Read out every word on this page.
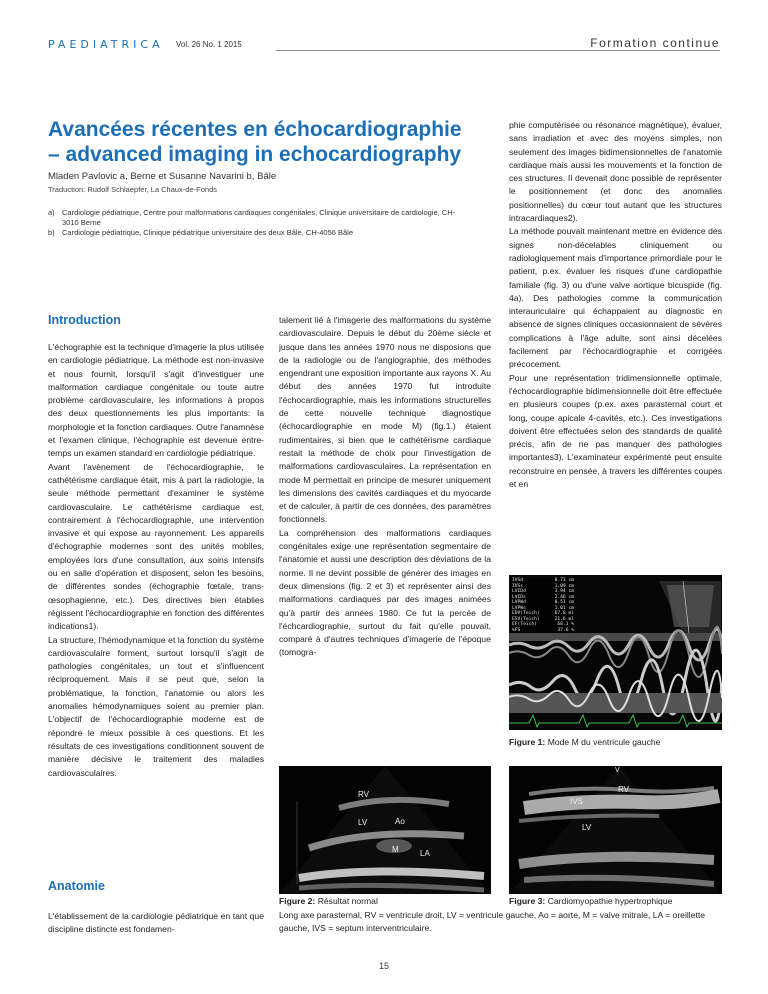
PAEDIATRICA Vol. 26 No. 1 2015	Formation continue
Avancées récentes en échocardiographie – advanced imaging in echocardiography
Mladen Pavlovic a, Berne et Susanne Navarini b, Bâle
Traduction: Rudolf Schlaepfer, La Chaux-de-Fonds
a) Cardiologie pédiatrique, Centre pour malformations cardiaques congénitales, Clinique universitaire de cardiologie, CH-3010 Berne
b) Cardiologie pédiatrique, Clinique pédiatrique universitaire des deux Bâle, CH-4056 Bâle
Introduction

L'échographie est la technique d'imagerie la plus utilisée en cardiologie pédiatrique. La méthode est non-invasive et nous fournit, lorsqu'il s'agit d'investiguer une malformation cardiaque congénitale ou toute autre problème cardiovasculaire, les informations à propos des deux questionnements les plus importants: la morphologie et la fonction cardiaques. Outre l'anamnèse et l'examen clinique, l'échographie est devenue entre-temps un examen standard en cardiologie pédiatrique.

Avant l'avènement de l'échocardiographie, le cathétérisme cardiaque était, mis à part la radiologie, la seule méthode permettant d'examiner le système cardiovasculaire. Le cathétérisme cardiaque est, contrairement à l'échocardiographie, une intervention invasive et qui expose au rayonnement. Les appareils d'échographie modernes sont des unités mobiles, employées lors d'une consultation, aux soins intensifs ou en salle d'opération et disposent, selon les besoins, de différentes sondes (échographie fœtale, trans-œsophagienne, etc.). Des directives bien établies régissent l'échocardiographie en fonction des différentes indications1).

La structure, l'hémodynamique et la fonction du système cardiovasculaire forment, surtout lorsqu'il s'agit de pathologies congénitales, un tout et s'influencent réciproquement. Mais il se peut que, selon la problématique, la fonction, l'anatomie ou alors les anomalies hémodynamiques soient au premier plan. L'objectif de l'échocardiographie moderne est de répondre le mieux possible à ces questions. Et les résultats de ces investigations conditionnent souvent de manière décisive le traitement des maladies cardiovasculaires.

Anatomie

L'établissement de la cardiologie pédiatrique en tant que discipline distincte est fondamen-

talement lié à l'imagerie des malformations du système cardiovasculaire. Depuis le début du 20ème siècle et jusque dans les années 1970 nous ne disposions que de la radiologie ou de l'angiographie, des méthodes engendrant une exposition importante aux rayons X. Au début des années 1970 fut introduite l'échocardiographie, mais les informations structurelles de cette nouvelle technique diagnostique (échocardiographie en mode M) (fig.1.) étaient rudimentaires, si bien que le cathétérisme cardiaque restait la méthode de choix pour l'investigation de malformations cardiovasculaires. La représentation en mode M permettait en principe de mesurer uniquement les dimensions des cavités cardiaques et du myocarde et de calculer, à partir de ces données, des paramètres fonctionnels.

La compréhension des malformations cardiaques congénitales exige une représentation segmentaire de l'anatomie et aussi une description des déviations de la norme. Il ne devint possible de générer des images en deux dimensions (fig. 2 et 3) et représenter ainsi des malformations cardiaques par des images animées qu'à partir des années 1980. Ce fut la percée de l'échcardiographie, surtout du fait qu'elle pouvait, comparé à d'autres techniques d'imagerie de l'époque (tomogra-

phie computérisée ou résonance magnétique), évaluer, sans irradiation et avec des moyens simples, non seulement des images bidimensionnelles de l'anatomie cardiaque mais aussi les mouvements et la fonction de ces structures. Il devenait donc possible de représenter le positionnement (et donc des anomalies positionnelles) du cœur tout autant que les structures intracardiaques2).

La méthode pouvait maintenant mettre en évidence des signes non-décelables cliniquement ou radiologiquement mais d'importance primordiale pour le patient, p.ex. évaluer les risques d'une cardiopathie familiale (fig. 3) ou d'une valve aortique bicuspide (fig. 4a). Des pathologies comme la communication interauriculaire qui échappaient au diagnostic en absence de signes cliniques occasionnaient de sévères complications à l'âge adulte, sont ainsi décelées facilement par l'échocardiographie et corrigées précocement.

Pour une représentation tridimensionnelle optimale, l'échocardiographie bidimensionnelle doit être effectuée en plusieurs coupes (p.ex. axes parasternal court et long, coupe apicale 4-cavités, etc.). Ces investigations doivent être effectuées selon des standards de qualité précis, afin de ne pas manquer des pathologies importantes3). L'examinateur expérimenté peut ensuite reconstruire en pensée, à travers les différentes coupes et en

IVSd	0.73 cm
IVSs	1.09 cm
LVIDd	3.94 cm
LVIDs	2.46 cm
LVPWd	0.51 cm
LVPWs	1.01 cm
EDV(Teich)	67.8 ml
ESV(Teich)	21.6 ml
EF(Teich)	68.1 %
%FS	37.6 %
Figure 1: Mode M du ventricule gauche
RV
LV	Ao
M	LA
V
RV
IVS
LV
Figure 2: Résultat normal	Figure 3: Cardiomyopathie hypertrophique
Long axe parasternal, RV = ventricule droit, LV = ventricule gauche, Ao = aorte, M = valve mitrale, LA = oreillette gauche, IVS = septum interventriculaire.
15
